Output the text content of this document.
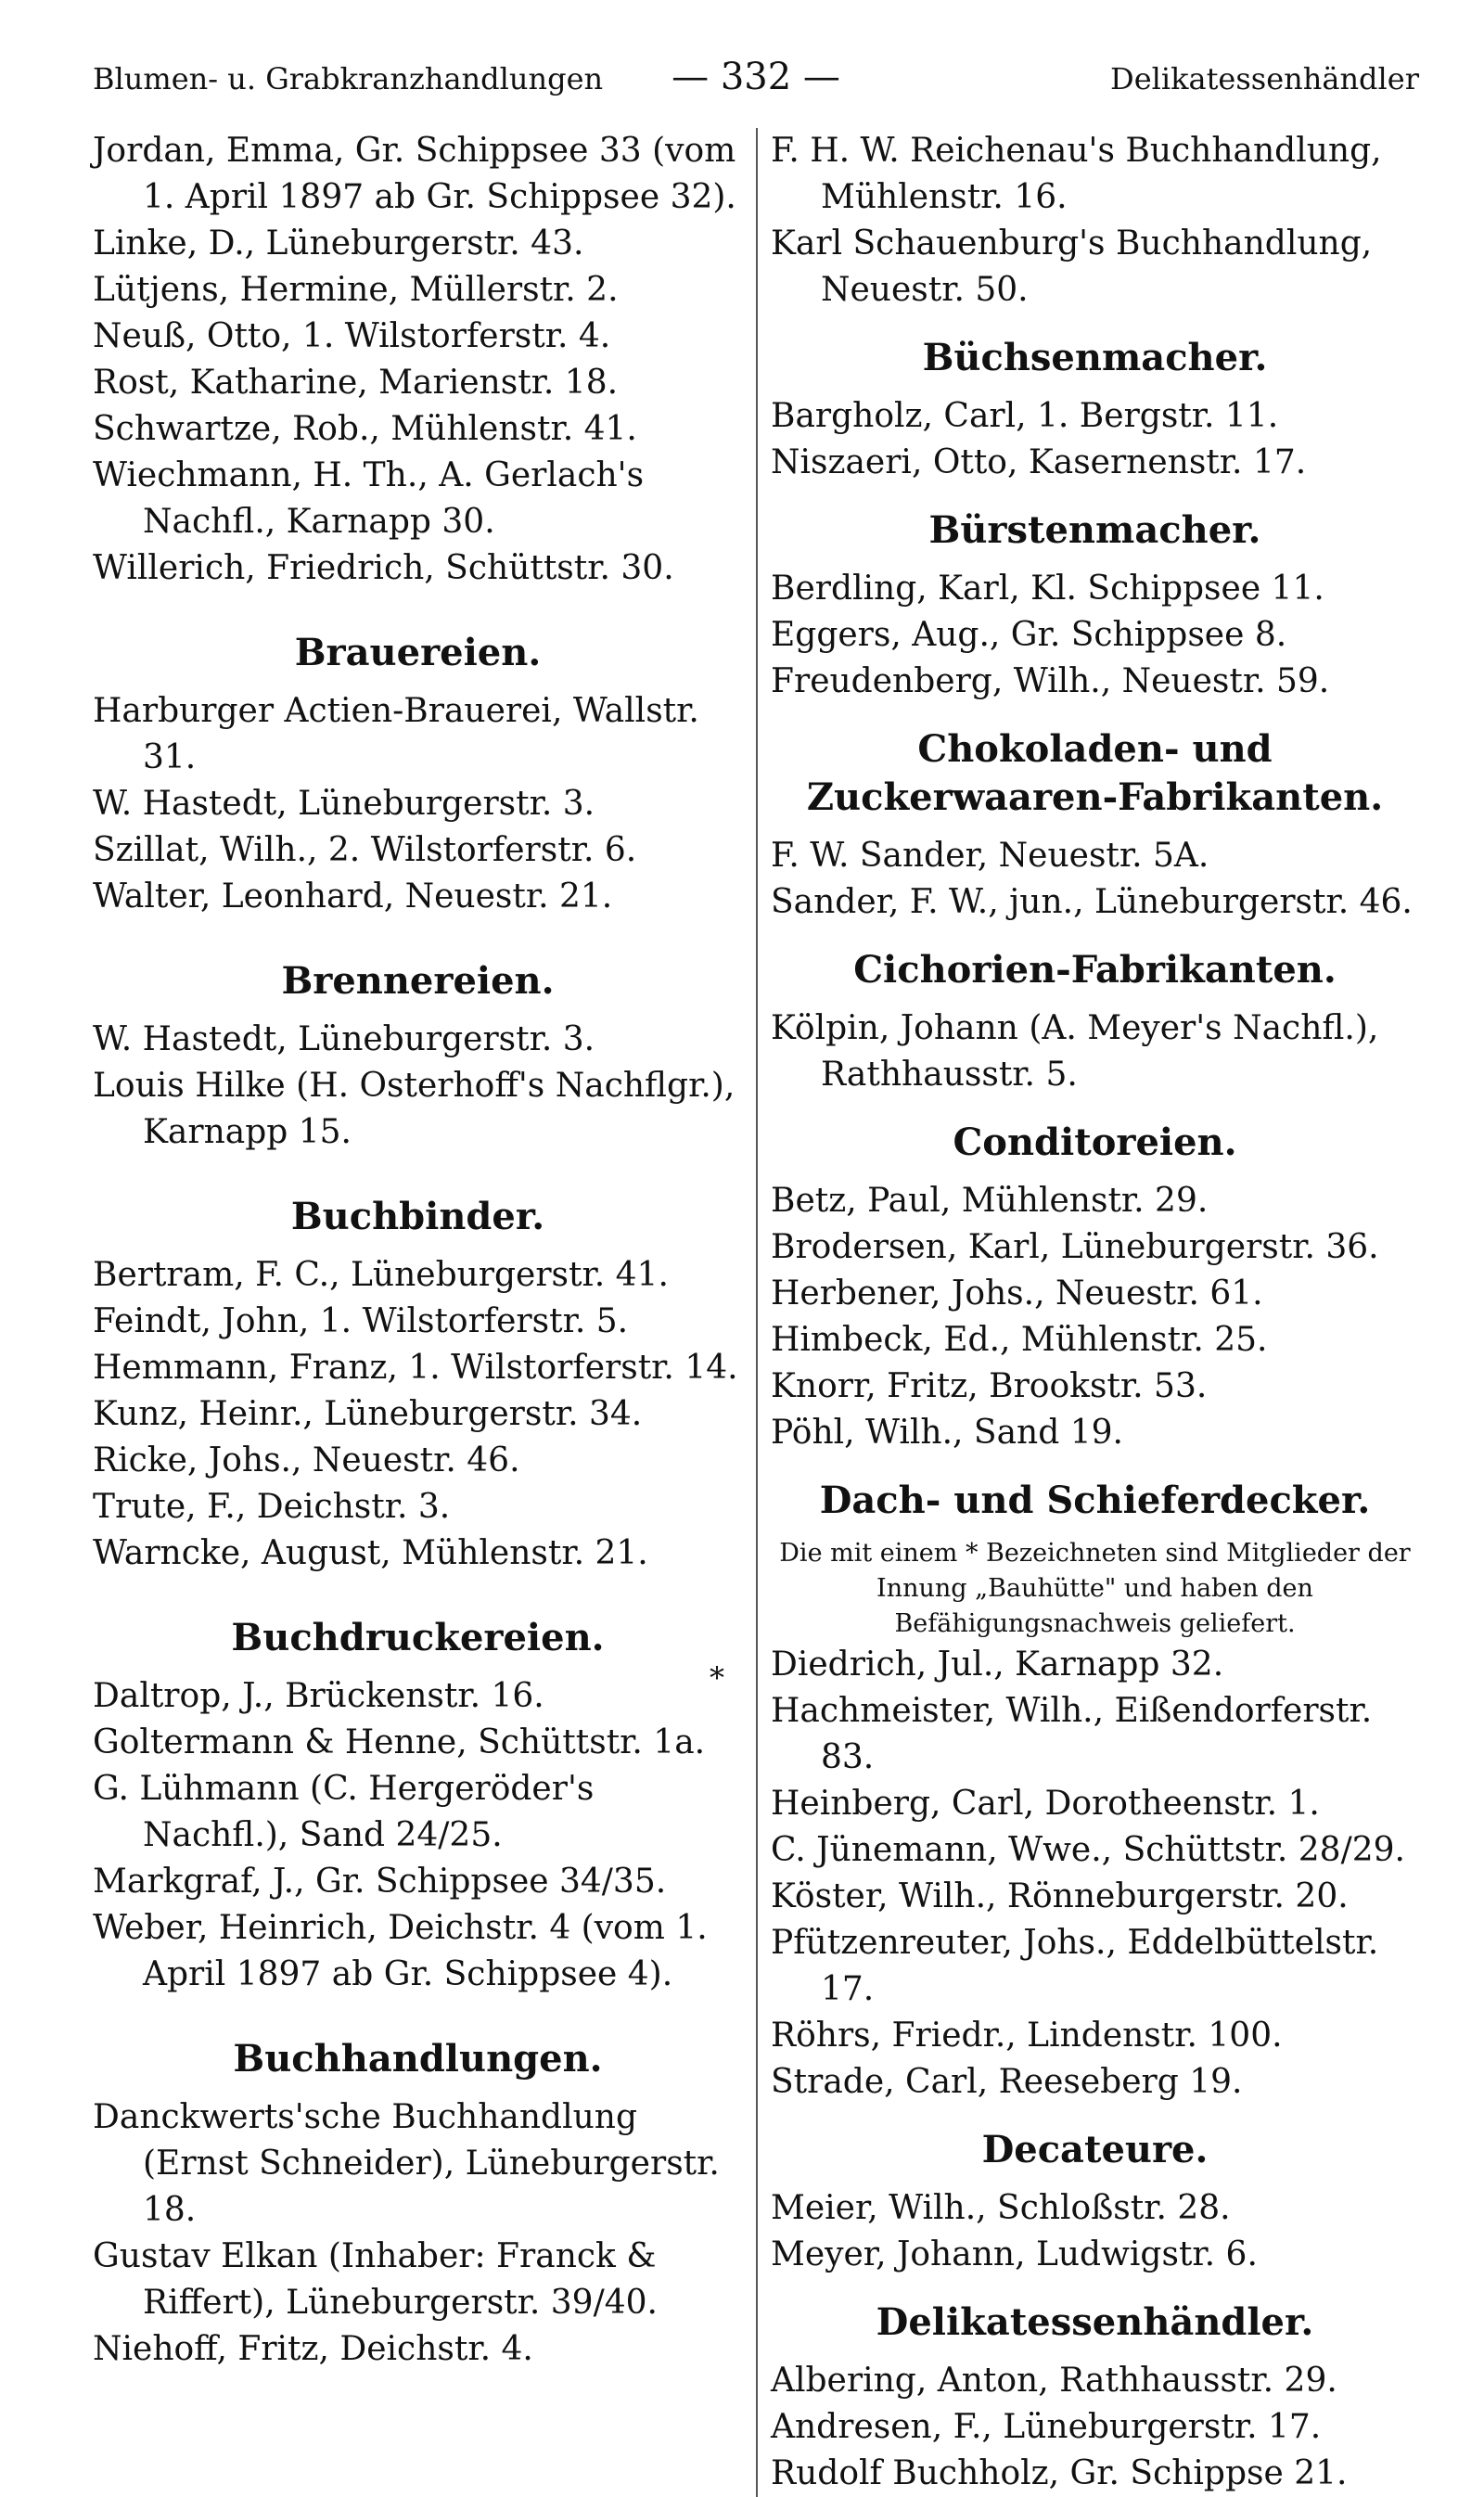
Blumen- u. Grabkranzhandlungen	— 332 —	Delikatessenhändler
Jordan, Emma, Gr. Schippsee 33 (vom 1. April 1897 ab Gr. Schippsee 32).
Linke, D., Lüneburgerstr. 43.
Lütjens, Hermine, Müllerstr. 2.
Neuß, Otto, 1. Wilstorferstr. 4.
Rost, Katharine, Marienstr. 18.
Schwartze, Rob., Mühlenstr. 41.
Wiechmann, H. Th., A. Gerlach's Nachfl., Karnapp 30.
Willerich, Friedrich, Schüttstr. 30.
Brauereien.
Harburger Actien-Brauerei, Wallstr. 31.
W. Hastedt, Lüneburgerstr. 3.
Szillat, Wilh., 2. Wilstorferstr. 6.
Walter, Leonhard, Neuestr. 21.
Brennereien.
W. Hastedt, Lüneburgerstr. 3.
Louis Hilke (H. Osterhoff's Nachflgr.), Karnapp 15.
Buchbinder.
Bertram, F. C., Lüneburgerstr. 41.
Feindt, John, 1. Wilstorferstr. 5.
Hemmann, Franz, 1. Wilstorferstr. 14.
Kunz, Heinr., Lüneburgerstr. 34.
Ricke, Johs., Neuestr. 46.
Trute, F., Deichstr. 3.
Warncke, August, Mühlenstr. 21.
Buchdruckereien.
Daltrop, J., Brückenstr. 16.
Goltermann & Henne, Schüttstr. 1a.
G. Lühmann (C. Hergeröder's Nachfl.), Sand 24/25.
Markgraf, J., Gr. Schippsee 34/35.
Weber, Heinrich, Deichstr. 4 (vom 1. April 1897 ab Gr. Schippsee 4).
Buchhandlungen.
Danckwerts'sche Buchhandlung (Ernst Schneider), Lüneburgerstr. 18.
Gustav Elkan (Inhaber: Franck & Riffert), Lüneburgerstr. 39/40.
Niehoff, Fritz, Deichstr. 4.
F. H. W. Reichenau's Buchhandlung, Mühlenstr. 16.
Karl Schauenburg's Buchhandlung, Neuestr. 50.
Büchsenmacher.
Bargholz, Carl, 1. Bergstr. 11.
Niszaeri, Otto, Kasernenstr. 17.
Bürstenmacher.
Berdling, Karl, Kl. Schippsee 11.
Eggers, Aug., Gr. Schippsee 8.
Freudenberg, Wilh., Neuestr. 59.
Chokoladen- und Zuckerwaaren-Fabrikanten.
F. W. Sander, Neuestr. 5A.
Sander, F. W., jun., Lüneburgerstr. 46.
Cichorien-Fabrikanten.
Kölpin, Johann (A. Meyer's Nachfl.), Rathhausstr. 5.
Conditoreien.
Betz, Paul, Mühlenstr. 29.
Brodersen, Karl, Lüneburgerstr. 36.
Herbener, Johs., Neuestr. 61.
Himbeck, Ed., Mühlenstr. 25.
Knorr, Fritz, Brookstr. 53.
Pöhl, Wilh., Sand 19.
Dach- und Schieferdecker.
Die mit einem * Bezeichneten sind Mitglieder der Innung „Bauhütte" und haben den Befähigungsnachweis geliefert.
*	Diedrich, Jul., Karnapp 32.
Hachmeister, Wilh., Eißendorferstr. 83.
Heinberg, Carl, Dorotheenstr. 1.
C. Jünemann, Wwe., Schüttstr. 28/29.
Köster, Wilh., Rönneburgerstr. 20.
Pfützenreuter, Johs., Eddelbüttelstr. 17.
Röhrs, Friedr., Lindenstr. 100.
Strade, Carl, Reeseberg 19.
Decateure.
Meier, Wilh., Schloßstr. 28.
Meyer, Johann, Ludwigstr. 6.
Delikatessenhändler.
Albering, Anton, Rathhausstr. 29.
Andresen, F., Lüneburgerstr. 17.
Rudolf Buchholz, Gr. Schippse 21.
